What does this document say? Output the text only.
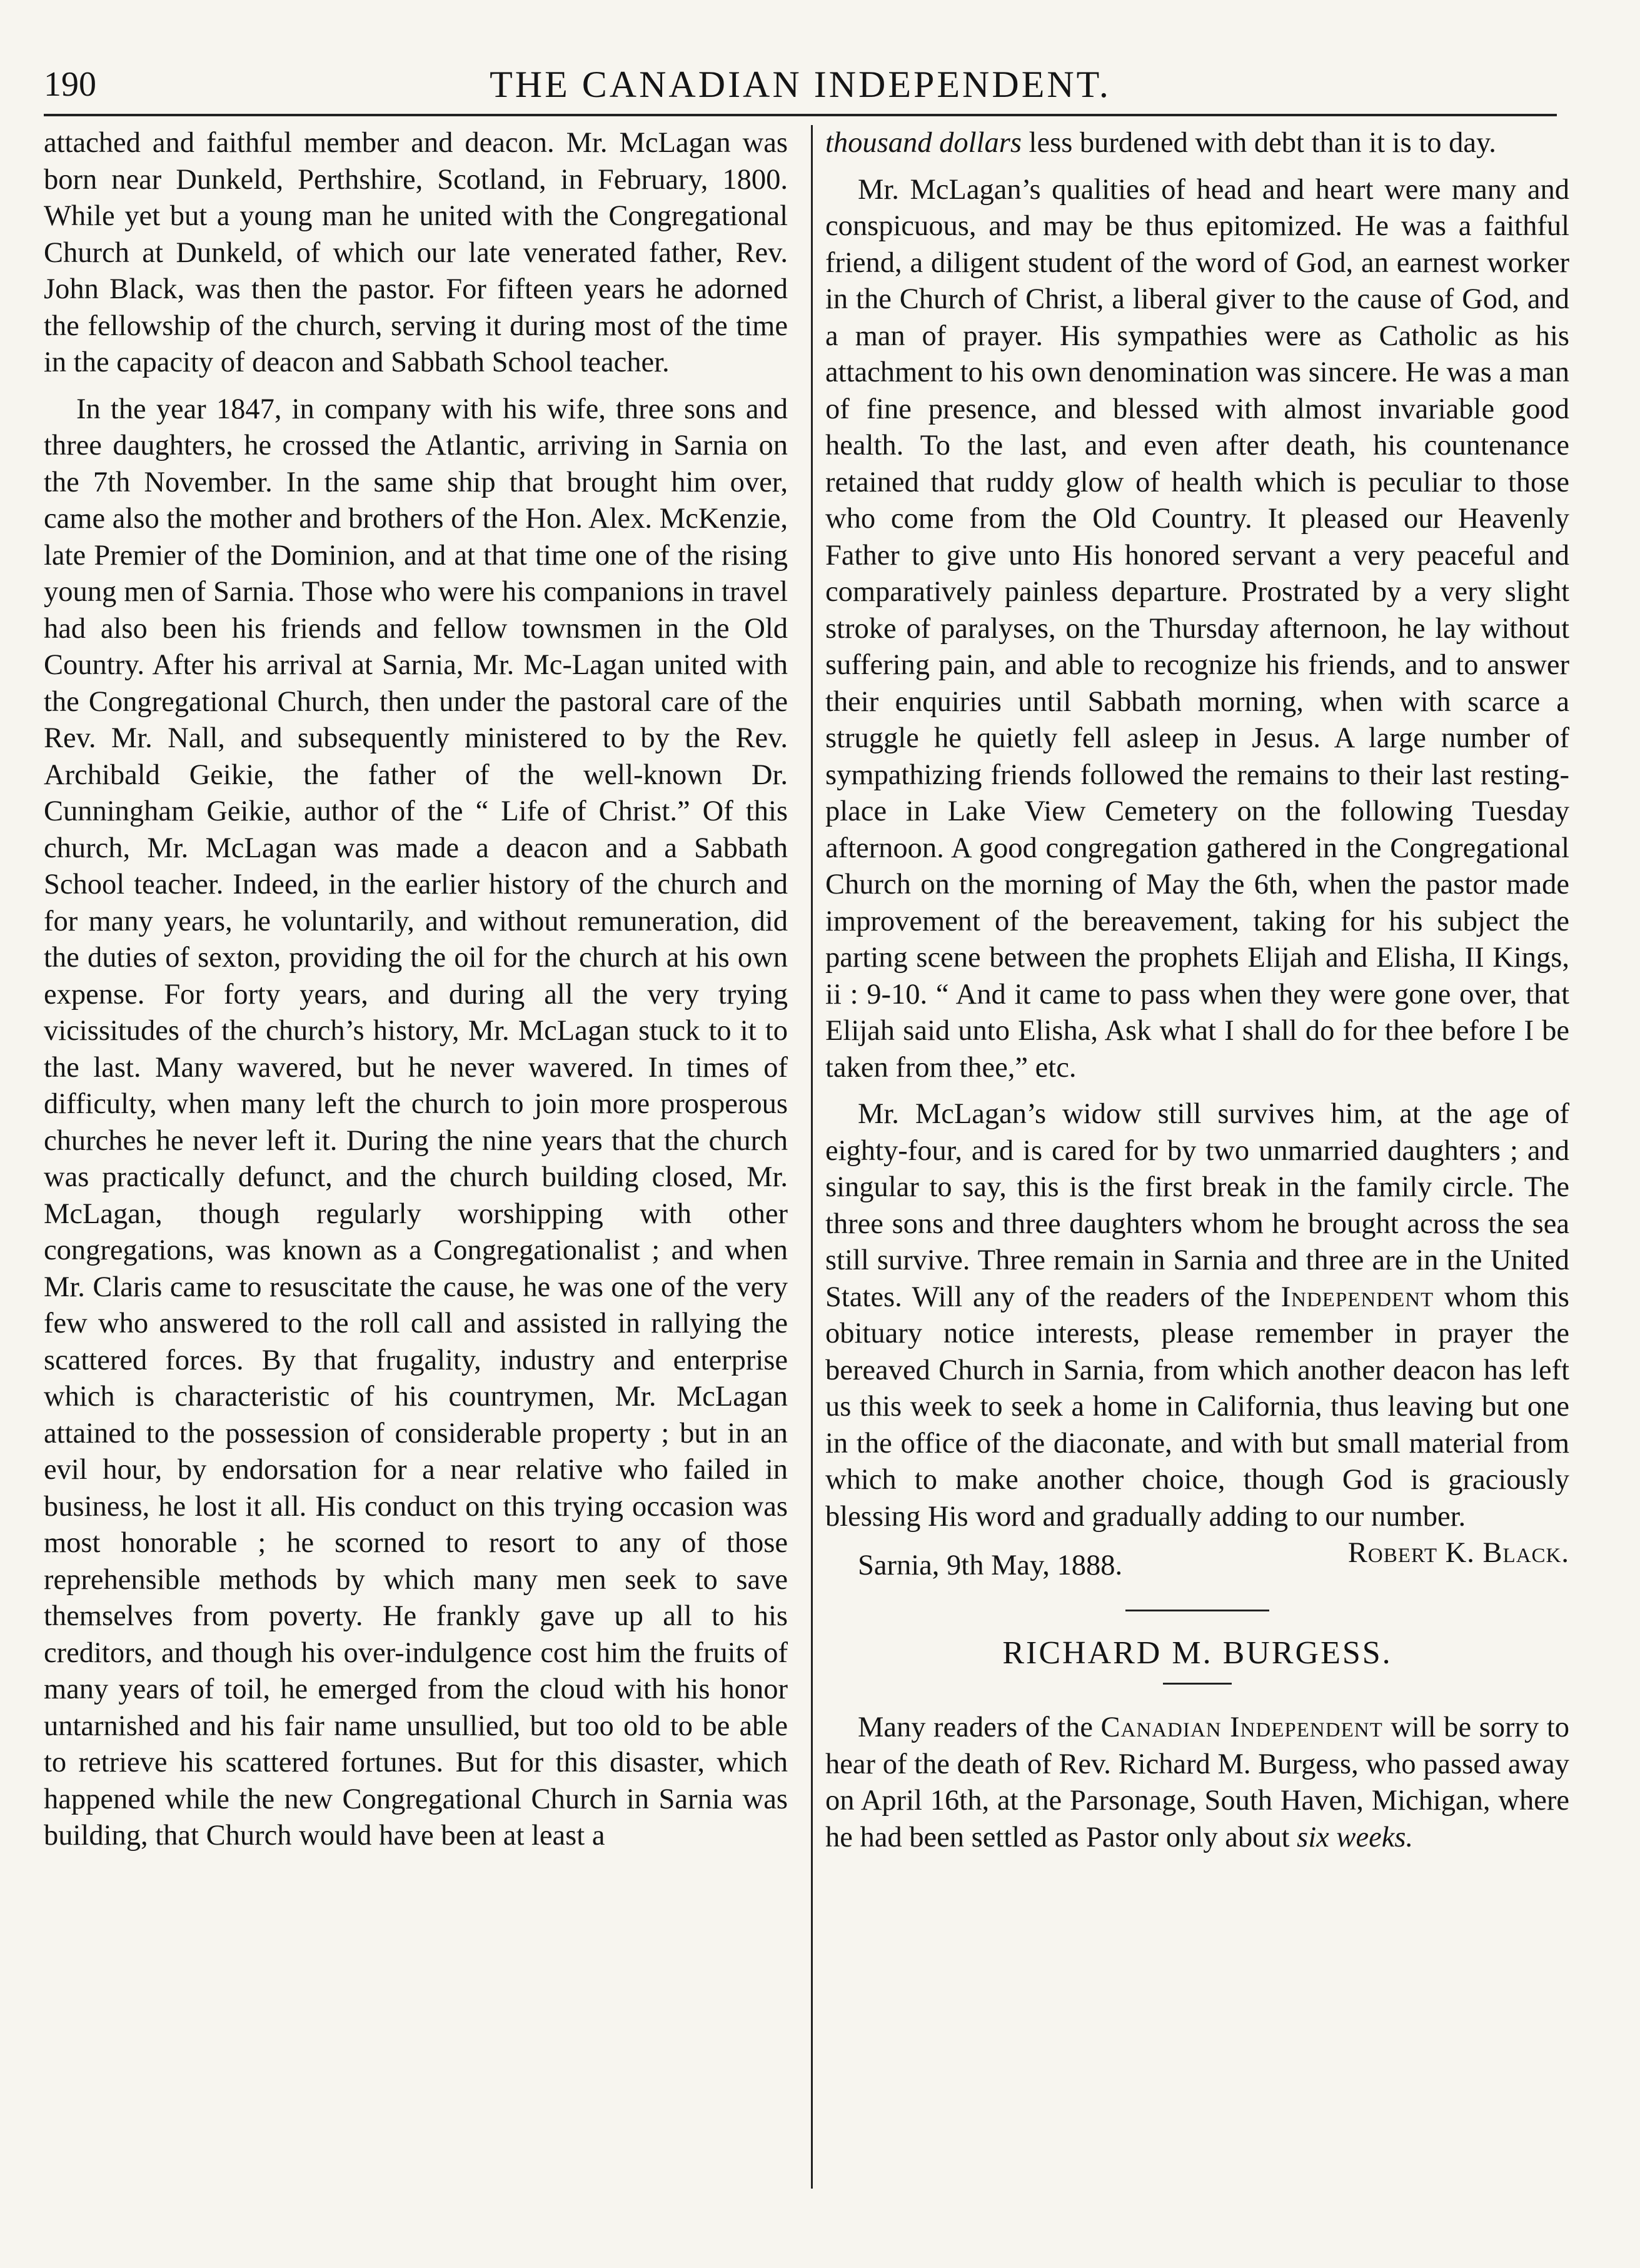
190	THE CANADIAN INDEPENDENT.

attached and faithful member and deacon. Mr. McLagan was born near Dunkeld, Perthshire, Scotland, in February, 1800. While yet but a young man he united with the Congregational Church at Dunkeld, of which our late venerated father, Rev. John Black, was then the pastor. For fifteen years he adorned the fellowship of the church, serving it during most of the time in the capacity of deacon and Sabbath School teacher.

In the year 1847, in company with his wife, three sons and three daughters, he crossed the Atlantic, arriving in Sarnia on the 7th November. In the same ship that brought him over, came also the mother and brothers of the Hon. Alex. McKenzie, late Premier of the Dominion, and at that time one of the rising young men of Sarnia. Those who were his companions in travel had also been his friends and fellow townsmen in the Old Country. After his arrival at Sarnia, Mr. Mc-Lagan united with the Congregational Church, then under the pastoral care of the Rev. Mr. Nall, and subsequently ministered to by the Rev. Archibald Geikie, the father of the well-known Dr. Cunningham Geikie, author of the “ Life of Christ.” Of this church, Mr. McLagan was made a deacon and a Sabbath School teacher. Indeed, in the earlier history of the church and for many years, he voluntarily, and without remuneration, did the duties of sexton, providing the oil for the church at his own expense. For forty years, and during all the very trying vicissitudes of the church’s history, Mr. McLagan stuck to it to the last. Many wavered, but he never wavered. In times of difficulty, when many left the church to join more prosperous churches he never left it. During the nine years that the church was practically defunct, and the church building closed, Mr. McLagan, though regularly worshipping with other congregations, was known as a Congregationalist ; and when Mr. Claris came to resuscitate the cause, he was one of the very few who answered to the roll call and assisted in rallying the scattered forces. By that frugality, industry and enterprise which is characteristic of his countrymen, Mr. McLagan attained to the possession of considerable property ; but in an evil hour, by endorsation for a near relative who failed in business, he lost it all. His conduct on this trying occasion was most honorable ; he scorned to resort to any of those reprehensible methods by which many men seek to save themselves from poverty. He frankly gave up all to his creditors, and though his over-indulgence cost him the fruits of many years of toil, he emerged from the cloud with his honor untarnished and his fair name unsullied, but too old to be able to retrieve his scattered fortunes. But for this disaster, which happened while the new Congregational Church in Sarnia was building, that Church would have been at least a

thousand dollars less burdened with debt than it is to day.

Mr. McLagan’s qualities of head and heart were many and conspicuous, and may be thus epitomized. He was a faithful friend, a diligent student of the word of God, an earnest worker in the Church of Christ, a liberal giver to the cause of God, and a man of prayer. His sympathies were as Catholic as his attachment to his own denomination was sincere. He was a man of fine presence, and blessed with almost invariable good health. To the last, and even after death, his countenance retained that ruddy glow of health which is peculiar to those who come from the Old Country. It pleased our Heavenly Father to give unto His honored servant a very peaceful and comparatively painless departure. Prostrated by a very slight stroke of paralyses, on the Thursday afternoon, he lay without suffering pain, and able to recognize his friends, and to answer their enquiries until Sabbath morning, when with scarce a struggle he quietly fell asleep in Jesus. A large number of sympathizing friends followed the remains to their last resting-place in Lake View Cemetery on the following Tuesday afternoon. A good congregation gathered in the Congregational Church on the morning of May the 6th, when the pastor made improvement of the bereavement, taking for his subject the parting scene between the prophets Elijah and Elisha, II Kings, ii : 9-10. “ And it came to pass when they were gone over, that Elijah said unto Elisha, Ask what I shall do for thee before I be taken from thee,” etc.

Mr. McLagan’s widow still survives him, at the age of eighty-four, and is cared for by two unmarried daughters ; and singular to say, this is the first break in the family circle. The three sons and three daughters whom he brought across the sea still survive. Three remain in Sarnia and three are in the United States. Will any of the readers of the Independent whom this obituary notice interests, please remember in prayer the bereaved Church in Sarnia, from which another deacon has left us this week to seek a home in California, thus leaving but one in the office of the diaconate, and with but small material from which to make another choice, though God is graciously blessing His word and gradually adding to our number.
Robert K. Black.

Sarnia, 9th May, 1888.

RICHARD M. BURGESS.

Many readers of the Canadian Independent will be sorry to hear of the death of Rev. Richard M. Burgess, who passed away on April 16th, at the Parsonage, South Haven, Michigan, where he had been settled as Pastor only about six weeks.
